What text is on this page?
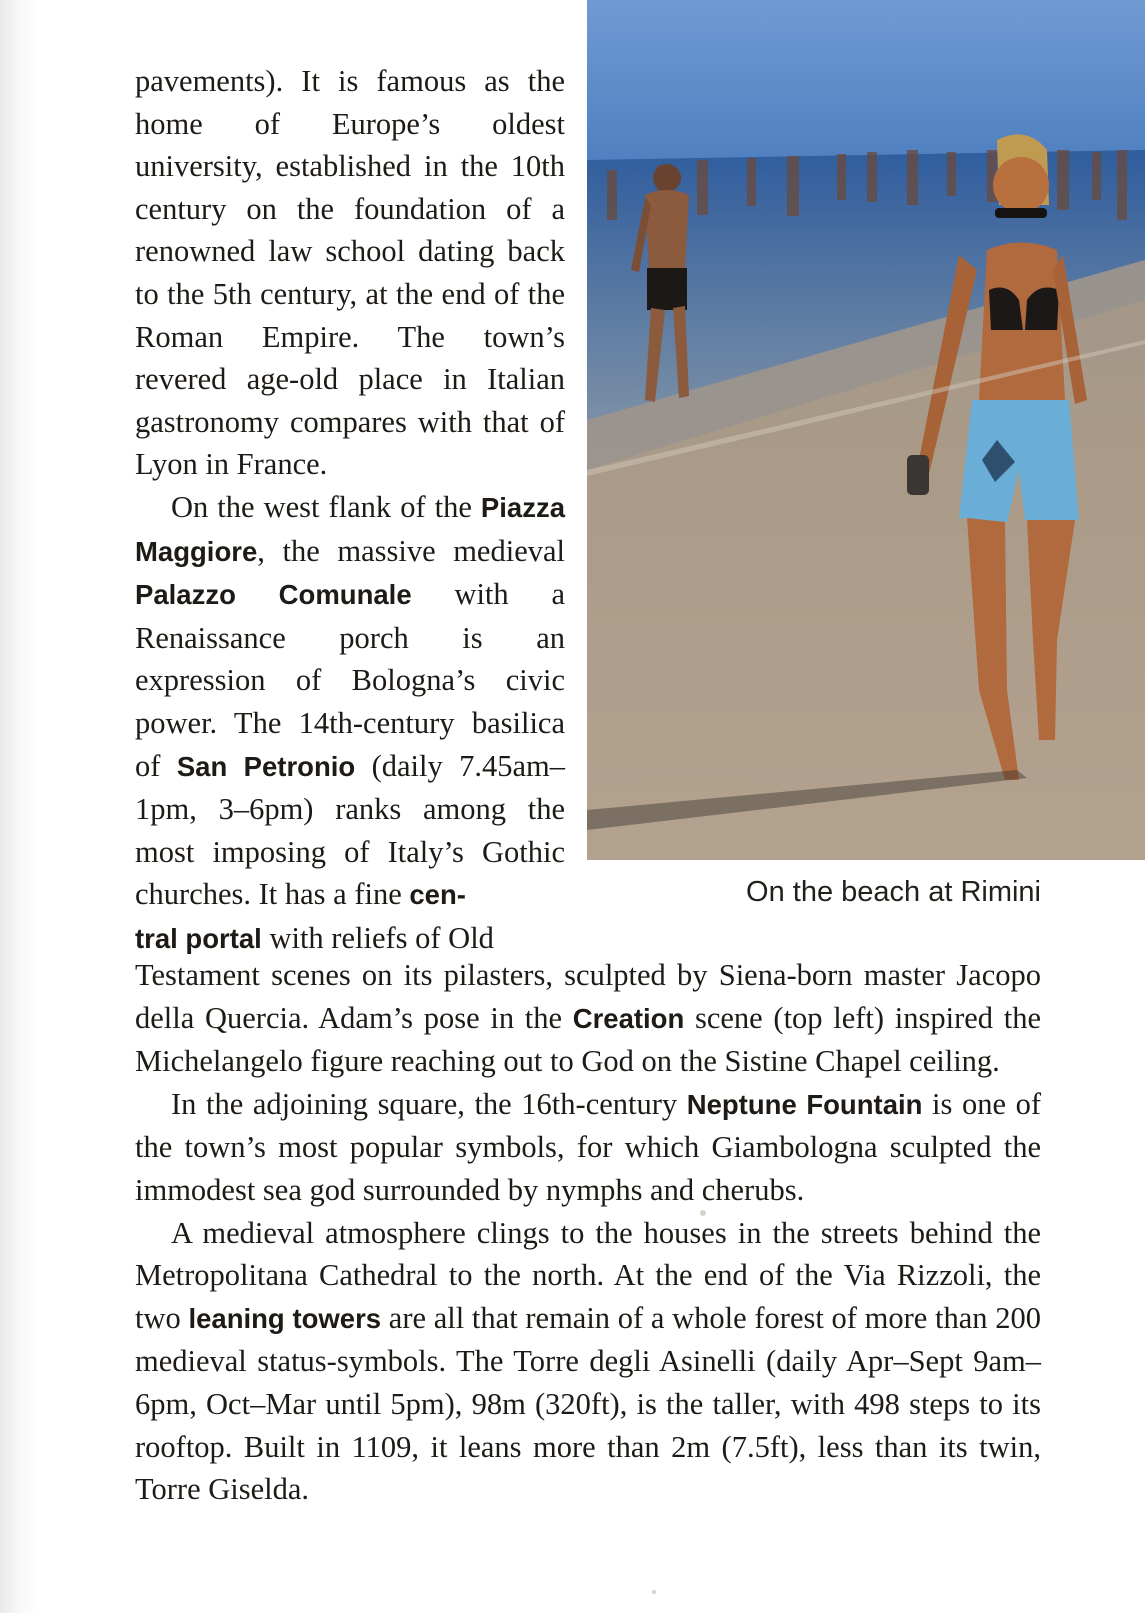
On the beach at Rimini

pavements). It is famous as the home of Europe’s oldest university, established in the 10th century on the foundation of a renowned law school dating back to the 5th century, at the end of the Roman Empire. The town’s revered age-old place in Italian gastronomy compares with that of Lyon in France.

On the west flank of the Piazza Maggiore, the massive medieval Palazzo Comunale with a Renaissance porch is an expression of Bologna’s civic power. The 14th-century basilica of San Petronio (daily 7.45am–1pm, 3–6pm) ranks among the most imposing of Italy’s Gothic churches. It has a fine cen-
tral portal with reliefs of Old

Testament scenes on its pilasters, sculpted by Siena-born master Jacopo della Quercia. Adam’s pose in the Creation scene (top left) inspired the Michelangelo figure reaching out to God on the Sistine Chapel ceiling.

In the adjoining square, the 16th-century Neptune Fountain is one of the town’s most popular symbols, for which Giambologna sculpted the immodest sea god surrounded by nymphs and cherubs.

A medieval atmosphere clings to the houses in the streets behind the Metropolitana Cathedral to the north. At the end of the Via Rizzoli, the two leaning towers are all that remain of a whole forest of more than 200 medieval status-symbols. The Torre degli Asinelli (daily Apr–Sept 9am–6pm, Oct–Mar until 5pm), 98m (320ft), is the taller, with 498 steps to its rooftop. Built in 1109, it leans more than 2m (7.5ft), less than its twin, Torre Giselda.
